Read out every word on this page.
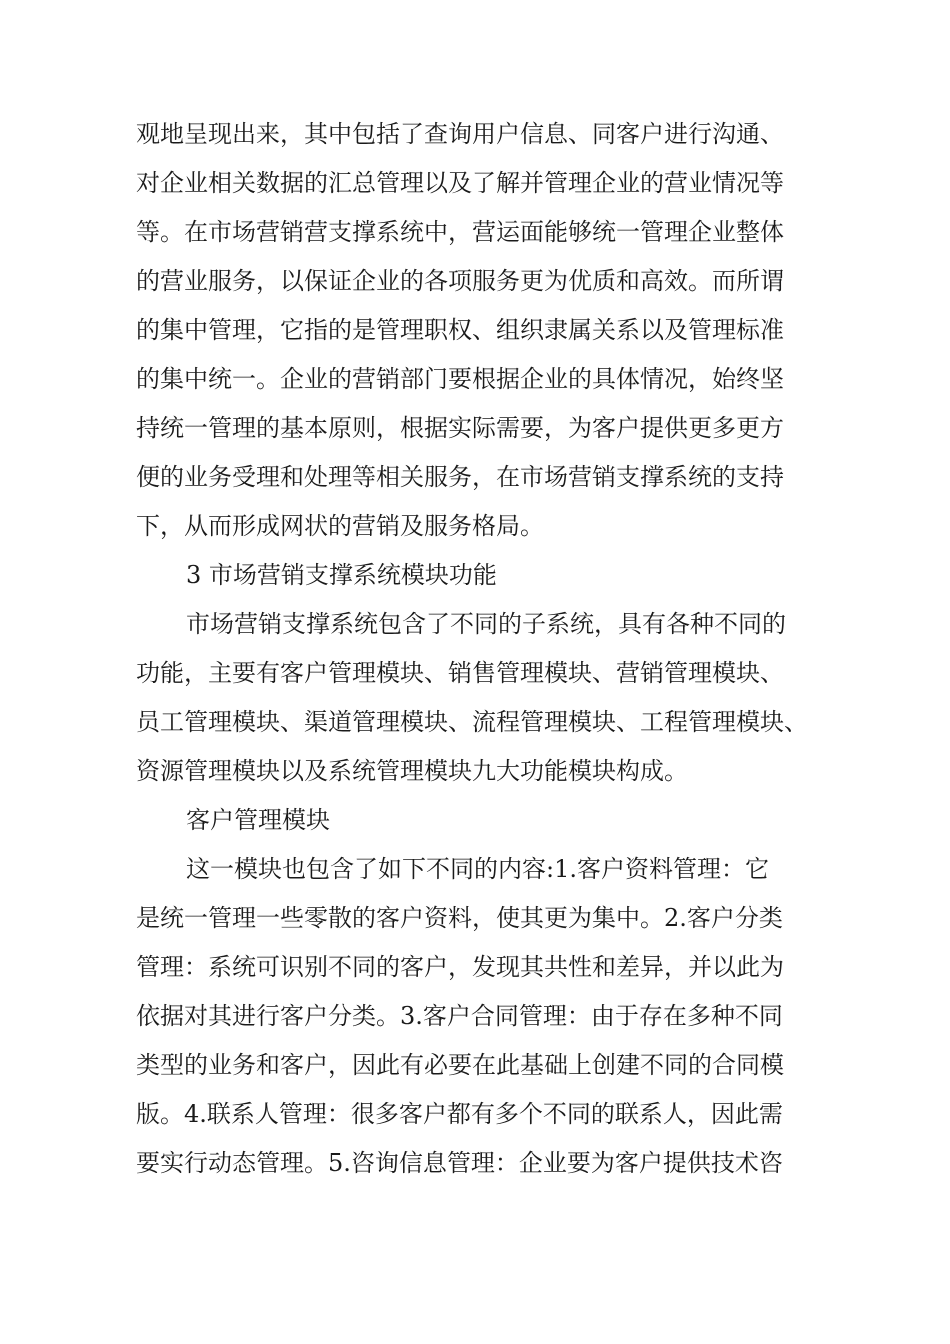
观地呈现出来，其中包括了查询用户信息、同客户进行沟通、
对企业相关数据的汇总管理以及了解并管理企业的营业情况等
等。在市场营销营支撑系统中，营运面能够统一管理企业整体
的营业服务，以保证企业的各项服务更为优质和高效。而所谓
的集中管理，它指的是管理职权、组织隶属关系以及管理标准
的集中统一。企业的营销部门要根据企业的具体情况，始终坚
持统一管理的基本原则，根据实际需要，为客户提供更多更方
便的业务受理和处理等相关服务，在市场营销支撑系统的支持
下，从而形成网状的营销及服务格局。
3 市场营销支撑系统模块功能
市场营销支撑系统包含了不同的子系统，具有各种不同的
功能，主要有客户管理模块、销售管理模块、营销管理模块、
员工管理模块、渠道管理模块、流程管理模块、工程管理模块、
资源管理模块以及系统管理模块九大功能模块构成。
客户管理模块
这一模块也包含了如下不同的内容:1.客户资料管理：它
是统一管理一些零散的客户资料，使其更为集中。2.客户分类
管理：系统可识别不同的客户，发现其共性和差异，并以此为
依据对其进行客户分类。3.客户合同管理：由于存在多种不同
类型的业务和客户，因此有必要在此基础上创建不同的合同模
版。4.联系人管理：很多客户都有多个不同的联系人，因此需
要实行动态管理。5.咨询信息管理：企业要为客户提供技术咨
